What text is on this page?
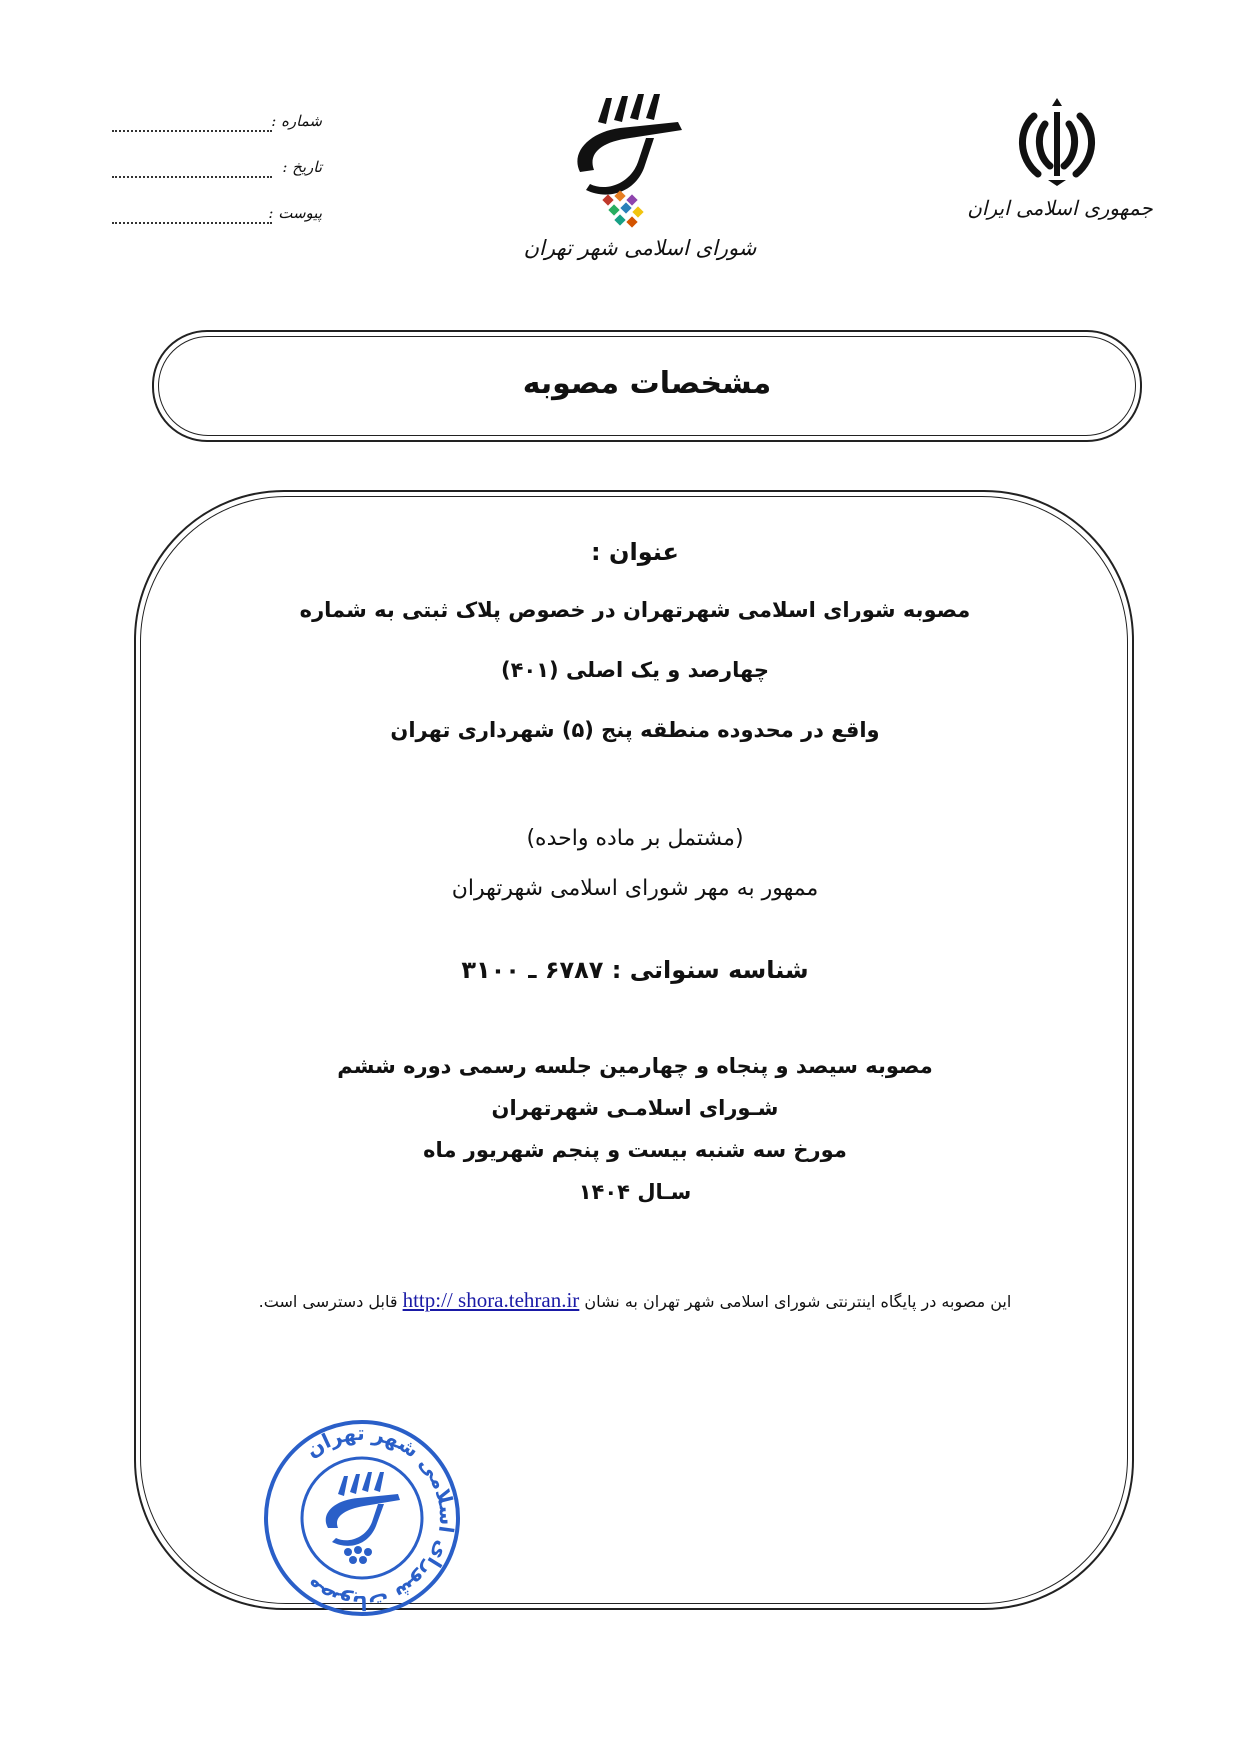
شماره :
تاریخ :
پیوست :
شورای اسلامی شهر تهران
جمهوری اسلامی ایران
مشخصات مصوبه
عنوان :
مصوبه شورای اسلامی شهرتهران در خصوص پلاک ثبتی به شماره
چهارصد و یک اصلی (۴۰۱)
واقع در محدوده منطقه پنج (۵) شهرداری تهران
(مشتمل بر ماده واحده)
ممهور به مهر شورای اسلامی شهرتهران
شناسه سنواتی : ۶۷۸۷ ـ ۳۱۰۰
مصوبه سیصد و پنجاه و چهارمین جلسه رسمی دوره ششم
شـورای اسلامـی شهرتهران
مورخ سه شنبه بیست و پنجم شهریور ماه
سـال ۱۴۰۴
این مصوبه در پایگاه اینترنتی شورای اسلامی شهر تهران به نشان http:// shora.tehran.ir قابل دسترسی است.
مصوبات شورای اسلامی شهر تهران
